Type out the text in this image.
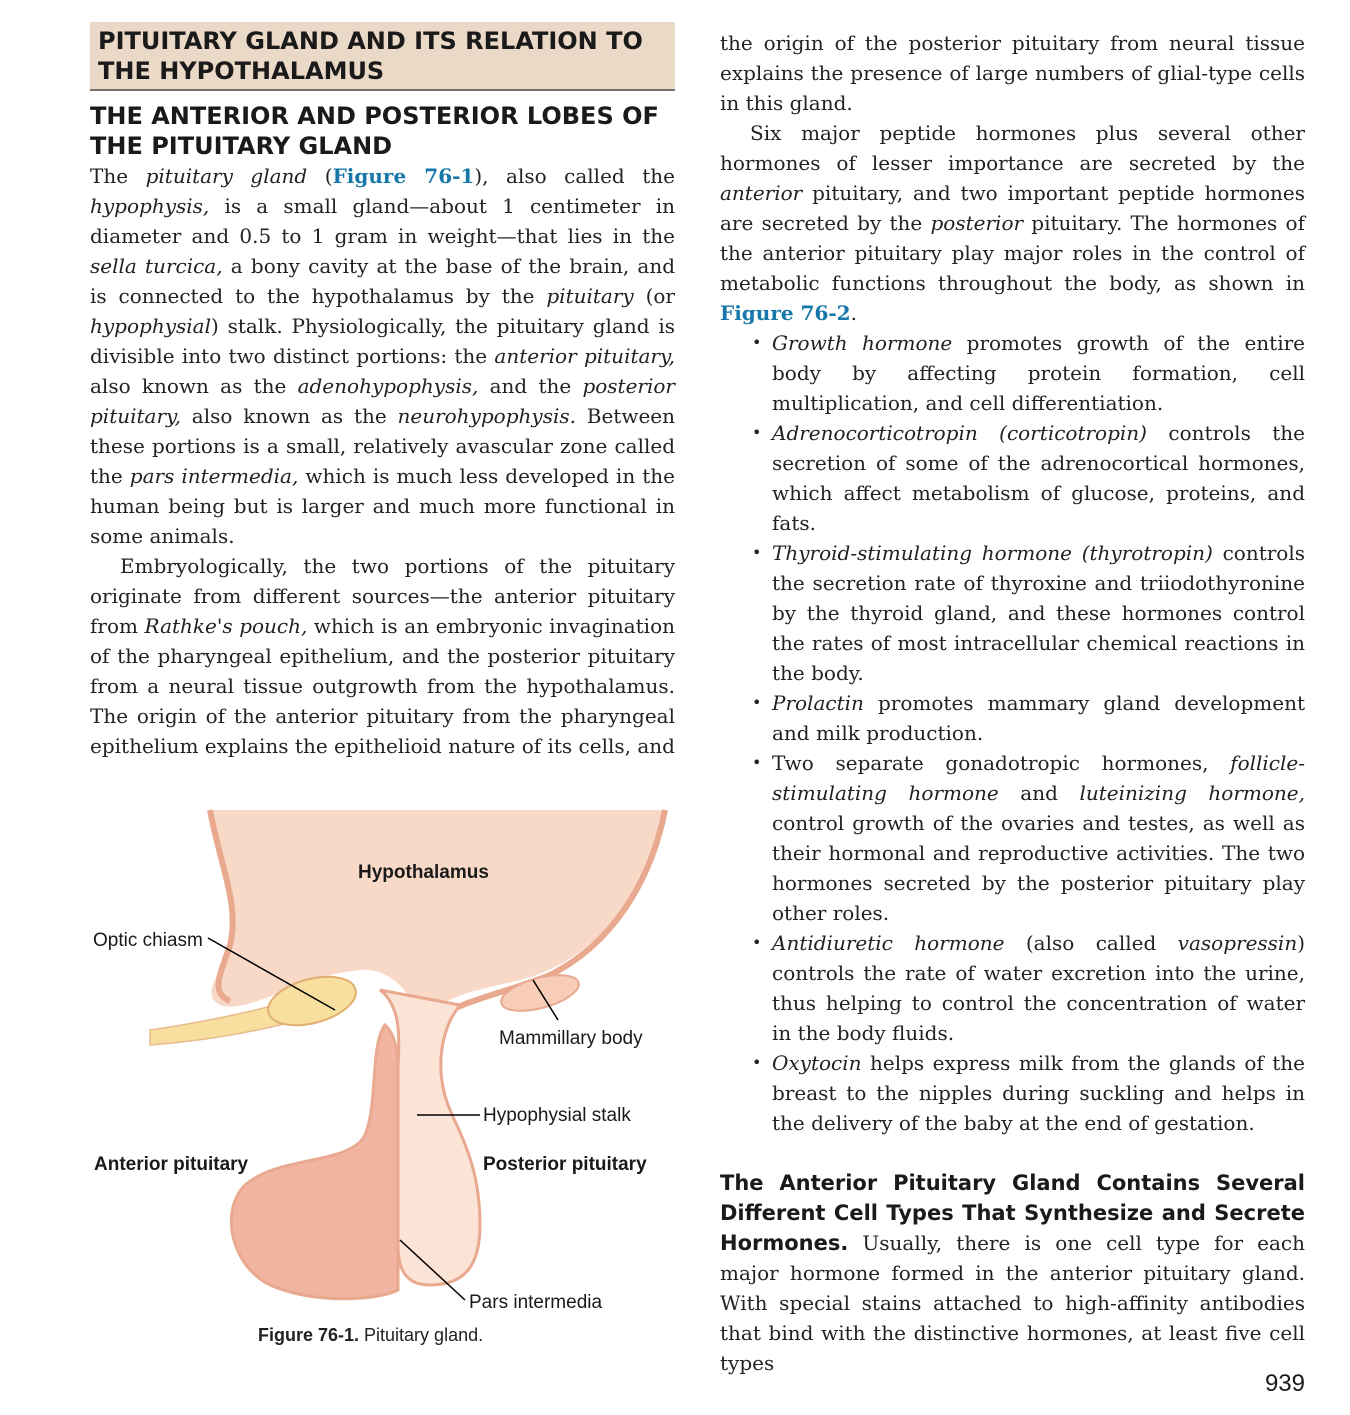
PITUITARY GLAND AND ITS RELATION TO THE HYPOTHALAMUS
THE ANTERIOR AND POSTERIOR LOBES OF THE PITUITARY GLAND

The pituitary gland (Figure 76-1), also called the hypophysis, is a small gland—about 1 centimeter in diameter and 0.5 to 1 gram in weight—that lies in the sella turcica, a bony cavity at the base of the brain, and is connected to the hypothalamus by the pituitary (or hypophysial) stalk. Physiologically, the pituitary gland is divisible into two distinct portions: the anterior pituitary, also known as the adenohypophysis, and the posterior pituitary, also known as the neurohypophysis. Between these portions is a small, relatively avascular zone called the pars intermedia, which is much less developed in the human being but is larger and much more functional in some animals.

Embryologically, the two portions of the pituitary originate from different sources—the anterior pituitary from Rathke's pouch, which is an embryonic invagination of the pharyngeal epithelium, and the posterior pituitary from a neural tissue outgrowth from the hypothalamus. The origin of the anterior pituitary from the pharyngeal epithelium explains the epithelioid nature of its cells, and

Hypothalamus
Optic chiasm
Mammillary body
Hypophysial stalk
Anterior pituitary	Posterior pituitary
Pars intermedia
Figure 76-1. Pituitary gland.

the origin of the posterior pituitary from neural tissue explains the presence of large numbers of glial-type cells in this gland.

Six major peptide hormones plus several other hormones of lesser importance are secreted by the anterior pituitary, and two important peptide hormones are secreted by the posterior pituitary. The hormones of the anterior pituitary play major roles in the control of metabolic functions throughout the body, as shown in Figure 76-2.

• Growth hormone promotes growth of the entire body by affecting protein formation, cell multiplication, and cell differentiation.
• Adrenocorticotropin (corticotropin) controls the secretion of some of the adrenocortical hormones, which affect metabolism of glucose, proteins, and fats.
• Thyroid-stimulating hormone (thyrotropin) controls the secretion rate of thyroxine and triiodothyronine by the thyroid gland, and these hormones control the rates of most intracellular chemical reactions in the body.
• Prolactin promotes mammary gland development and milk production.
• Two separate gonadotropic hormones, follicle-stimulating hormone and luteinizing hormone, control growth of the ovaries and testes, as well as their hormonal and reproductive activities. The two hormones secreted by the posterior pituitary play other roles.
• Antidiuretic hormone (also called vasopressin) controls the rate of water excretion into the urine, thus helping to control the concentration of water in the body fluids.
• Oxytocin helps express milk from the glands of the breast to the nipples during suckling and helps in the delivery of the baby at the end of gestation.

The Anterior Pituitary Gland Contains Several Different Cell Types That Synthesize and Secrete Hormones. Usually, there is one cell type for each major hormone formed in the anterior pituitary gland. With special stains attached to high-affinity antibodies that bind with the distinctive hormones, at least five cell types

939
